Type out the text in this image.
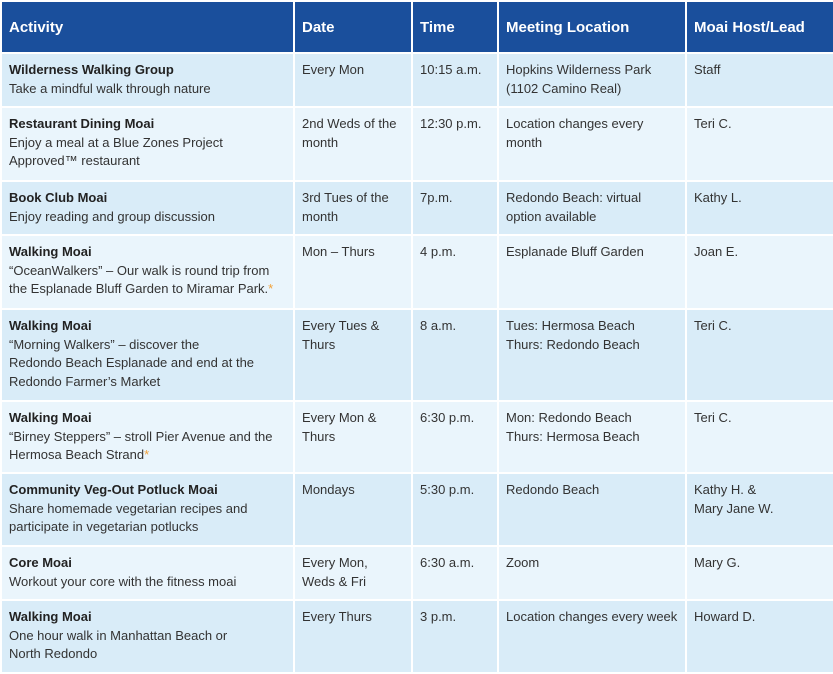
Activity	Date	Time	Meeting Location	Moai Host/Lead

Wilderness Walking Group
Take a mindful walk through nature	Every Mon	10:15 a.m.	Hopkins Wilderness Park
(1102 Camino Real)	Staff

Restaurant Dining Moai
Enjoy a meal at a Blue Zones Project Approved™ restaurant	2nd Weds of the month	12:30 p.m.	Location changes every month	Teri C.

Book Club Moai
Enjoy reading and group discussion	3rd Tues of the month	7p.m.	Redondo Beach: virtual option available	Kathy L.

Walking Moai
“OceanWalkers” – Our walk is round trip from the Esplanade Bluff Garden to Miramar Park.*	Mon – Thurs	4 p.m.	Esplanade Bluff Garden	Joan E.

Walking Moai
“Morning Walkers” – discover the
Redondo Beach Esplanade and end at the Redondo Farmer’s Market	Every Tues & Thurs	8 a.m.	Tues: Hermosa Beach
Thurs: Redondo Beach	Teri C.

Walking Moai
“Birney Steppers” – stroll Pier Avenue and the Hermosa Beach Strand*	Every Mon & Thurs	6:30 p.m.	Mon: Redondo Beach
Thurs: Hermosa Beach	Teri C.

Community Veg-Out Potluck Moai
Share homemade vegetarian recipes and participate in vegetarian potlucks	Mondays	5:30 p.m.	Redondo Beach	Kathy H. &
Mary Jane W.

Core Moai
Workout your core with the fitness moai	Every Mon,
Weds & Fri	6:30 a.m.	Zoom	Mary G.

Walking Moai
One hour walk in Manhattan Beach or
North Redondo	Every Thurs	3 p.m.	Location changes every week	Howard D.
